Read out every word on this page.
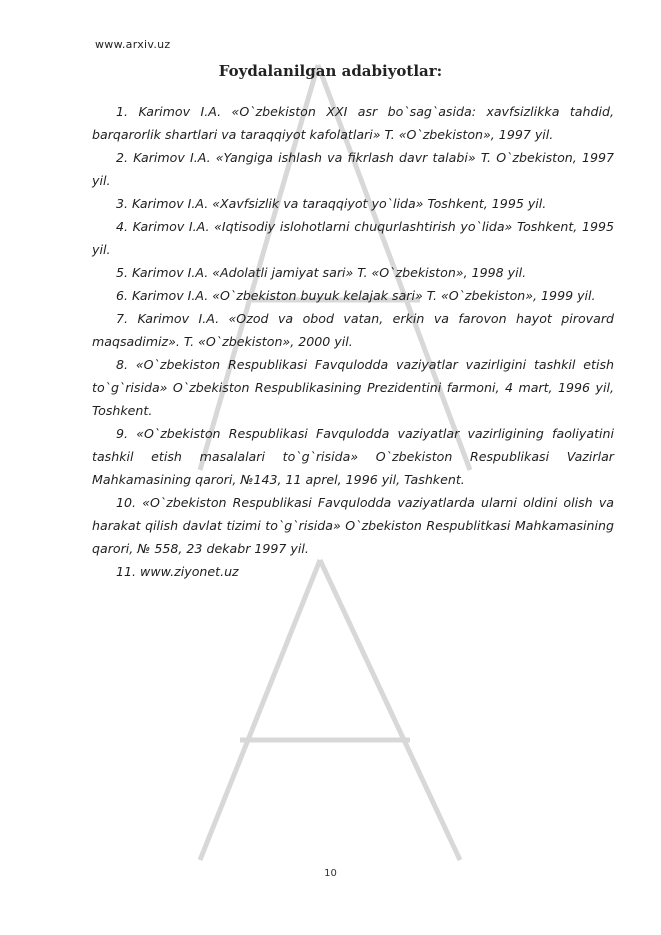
www.arxiv.uz
Foydalanilgan adabiyotlar:
1. Karimov I.A. «O`zbekiston XXI asr bo`sag`asida: xavfsizlikka tahdid, barqarorlik shartlari va taraqqiyot kafolatlari» T. «O`zbekiston», 1997 yil.
2. Karimov I.A. «Yangiga ishlash va fikrlash davr talabi» T. O`zbekiston, 1997 yil.
3. Karimov I.A. «Xavfsizlik va taraqqiyot yo`lida» Toshkent, 1995 yil.
4. Karimov I.A. «Iqtisodiy islohotlarni chuqurlashtirish yo`lida» Toshkent, 1995 yil.
5. Karimov I.A. «Adolatli jamiyat sari» T. «O`zbekiston», 1998 yil.
6. Karimov I.A. «O`zbekiston buyuk kelajak sari» T. «O`zbekiston», 1999 yil.
7. Karimov I.A. «Ozod va obod vatan, erkin va farovon hayot pirovard maqsadimiz». T. «O`zbekiston», 2000 yil.
8. «O`zbekiston Respublikasi Favqulodda vaziyatlar vazirligini tashkil etish to`g`risida» O`zbekiston Respublikasining Prezidentini farmoni, 4 mart, 1996 yil, Toshkent.
9. «O`zbekiston Respublikasi Favqulodda vaziyatlar vazirligining faoliyatini tashkil etish masalalari to`g`risida» O`zbekiston Respublikasi Vazirlar Mahkamasining qarori, №143, 11 aprel, 1996 yil, Tashkent.
10. «O`zbekiston Respublikasi Favqulodda vaziyatlarda ularni oldini olish va harakat qilish davlat tizimi to`g`risida» O`zbekiston Respublitkasi Mahkamasining qarori, № 558, 23 dekabr 1997 yil.
11. www.ziyonet.uz
10
